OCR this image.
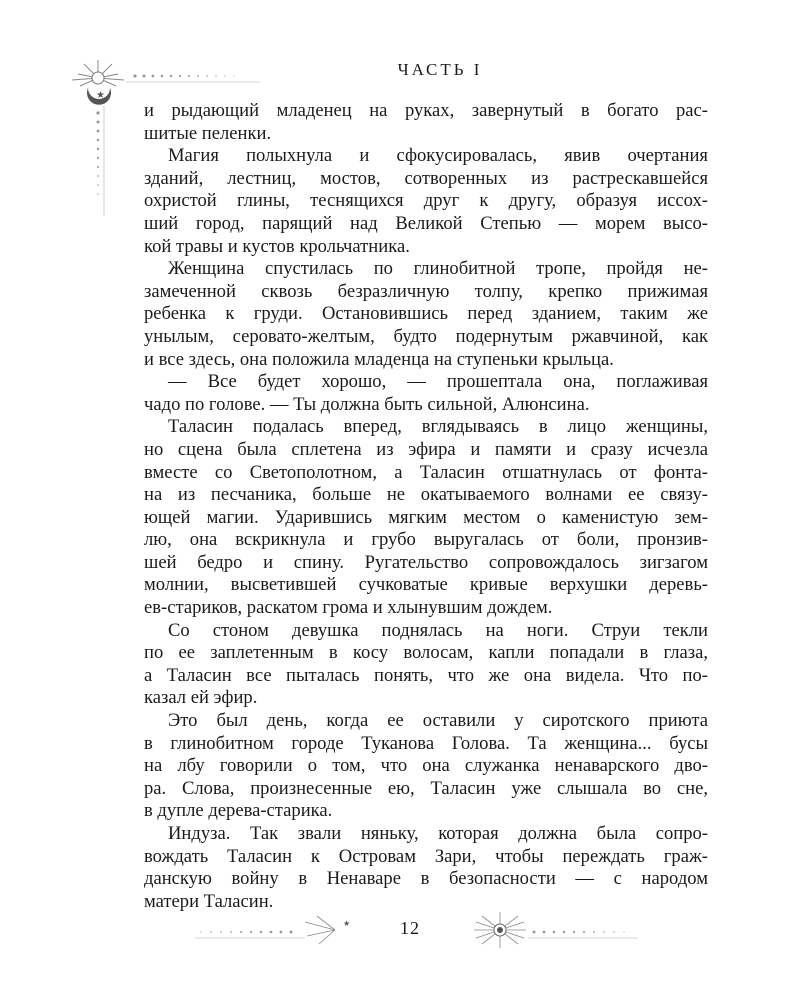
★
ЧАСТЬ I
и рыдающий младенец на руках, завернутый в богато рас-
шитые пеленки.
Магия полыхнула и сфокусировалась, явив очертания
зданий, лестниц, мостов, сотворенных из растрескавшейся
охристой глины, теснящихся друг к другу, образуя иссох-
ший город, парящий над Великой Степью — морем высо-
кой травы и кустов крольчатника.
Женщина спустилась по глинобитной тропе, пройдя не-
замеченной сквозь безразличную толпу, крепко прижимая
ребенка к груди. Остановившись перед зданием, таким же
унылым, серовато-желтым, будто подернутым ржавчиной, как
и все здесь, она положила младенца на ступеньки крыльца.
— Все будет хорошо, — прошептала она, поглаживая
чадо по голове. — Ты должна быть сильной, Алюнсина.
Таласин подалась вперед, вглядываясь в лицо женщины,
но сцена была сплетена из эфира и памяти и сразу исчезла
вместе со Светополотном, а Таласин отшатнулась от фонта-
на из песчаника, больше не окатываемого волнами ее связу-
ющей магии. Ударившись мягким местом о каменистую зем-
лю, она вскрикнула и грубо выругалась от боли, пронзив-
шей бедро и спину. Ругательство сопровождалось зигзагом
молнии, высветившей сучковатые кривые верхушки деревь-
ев-стариков, раскатом грома и хлынувшим дождем.
Со стоном девушка поднялась на ноги. Струи текли
по ее заплетенным в косу волосам, капли попадали в глаза,
а Таласин все пыталась понять, что же она видела. Что по-
казал ей эфир.
Это был день, когда ее оставили у сиротского приюта
в глинобитном городе Туканова Голова. Та женщина... бусы
на лбу говорили о том, что она служанка ненаварского дво-
ра. Слова, произнесенные ею, Таласин уже слышала во сне,
в дупле дерева-старика.
Индуза. Так звали няньку, которая должна была сопро-
вождать Таласин к Островам Зари, чтобы переждать граж-
данскую войну в Ненаваре в безопасности — с народом
матери Таласин.
★	12
